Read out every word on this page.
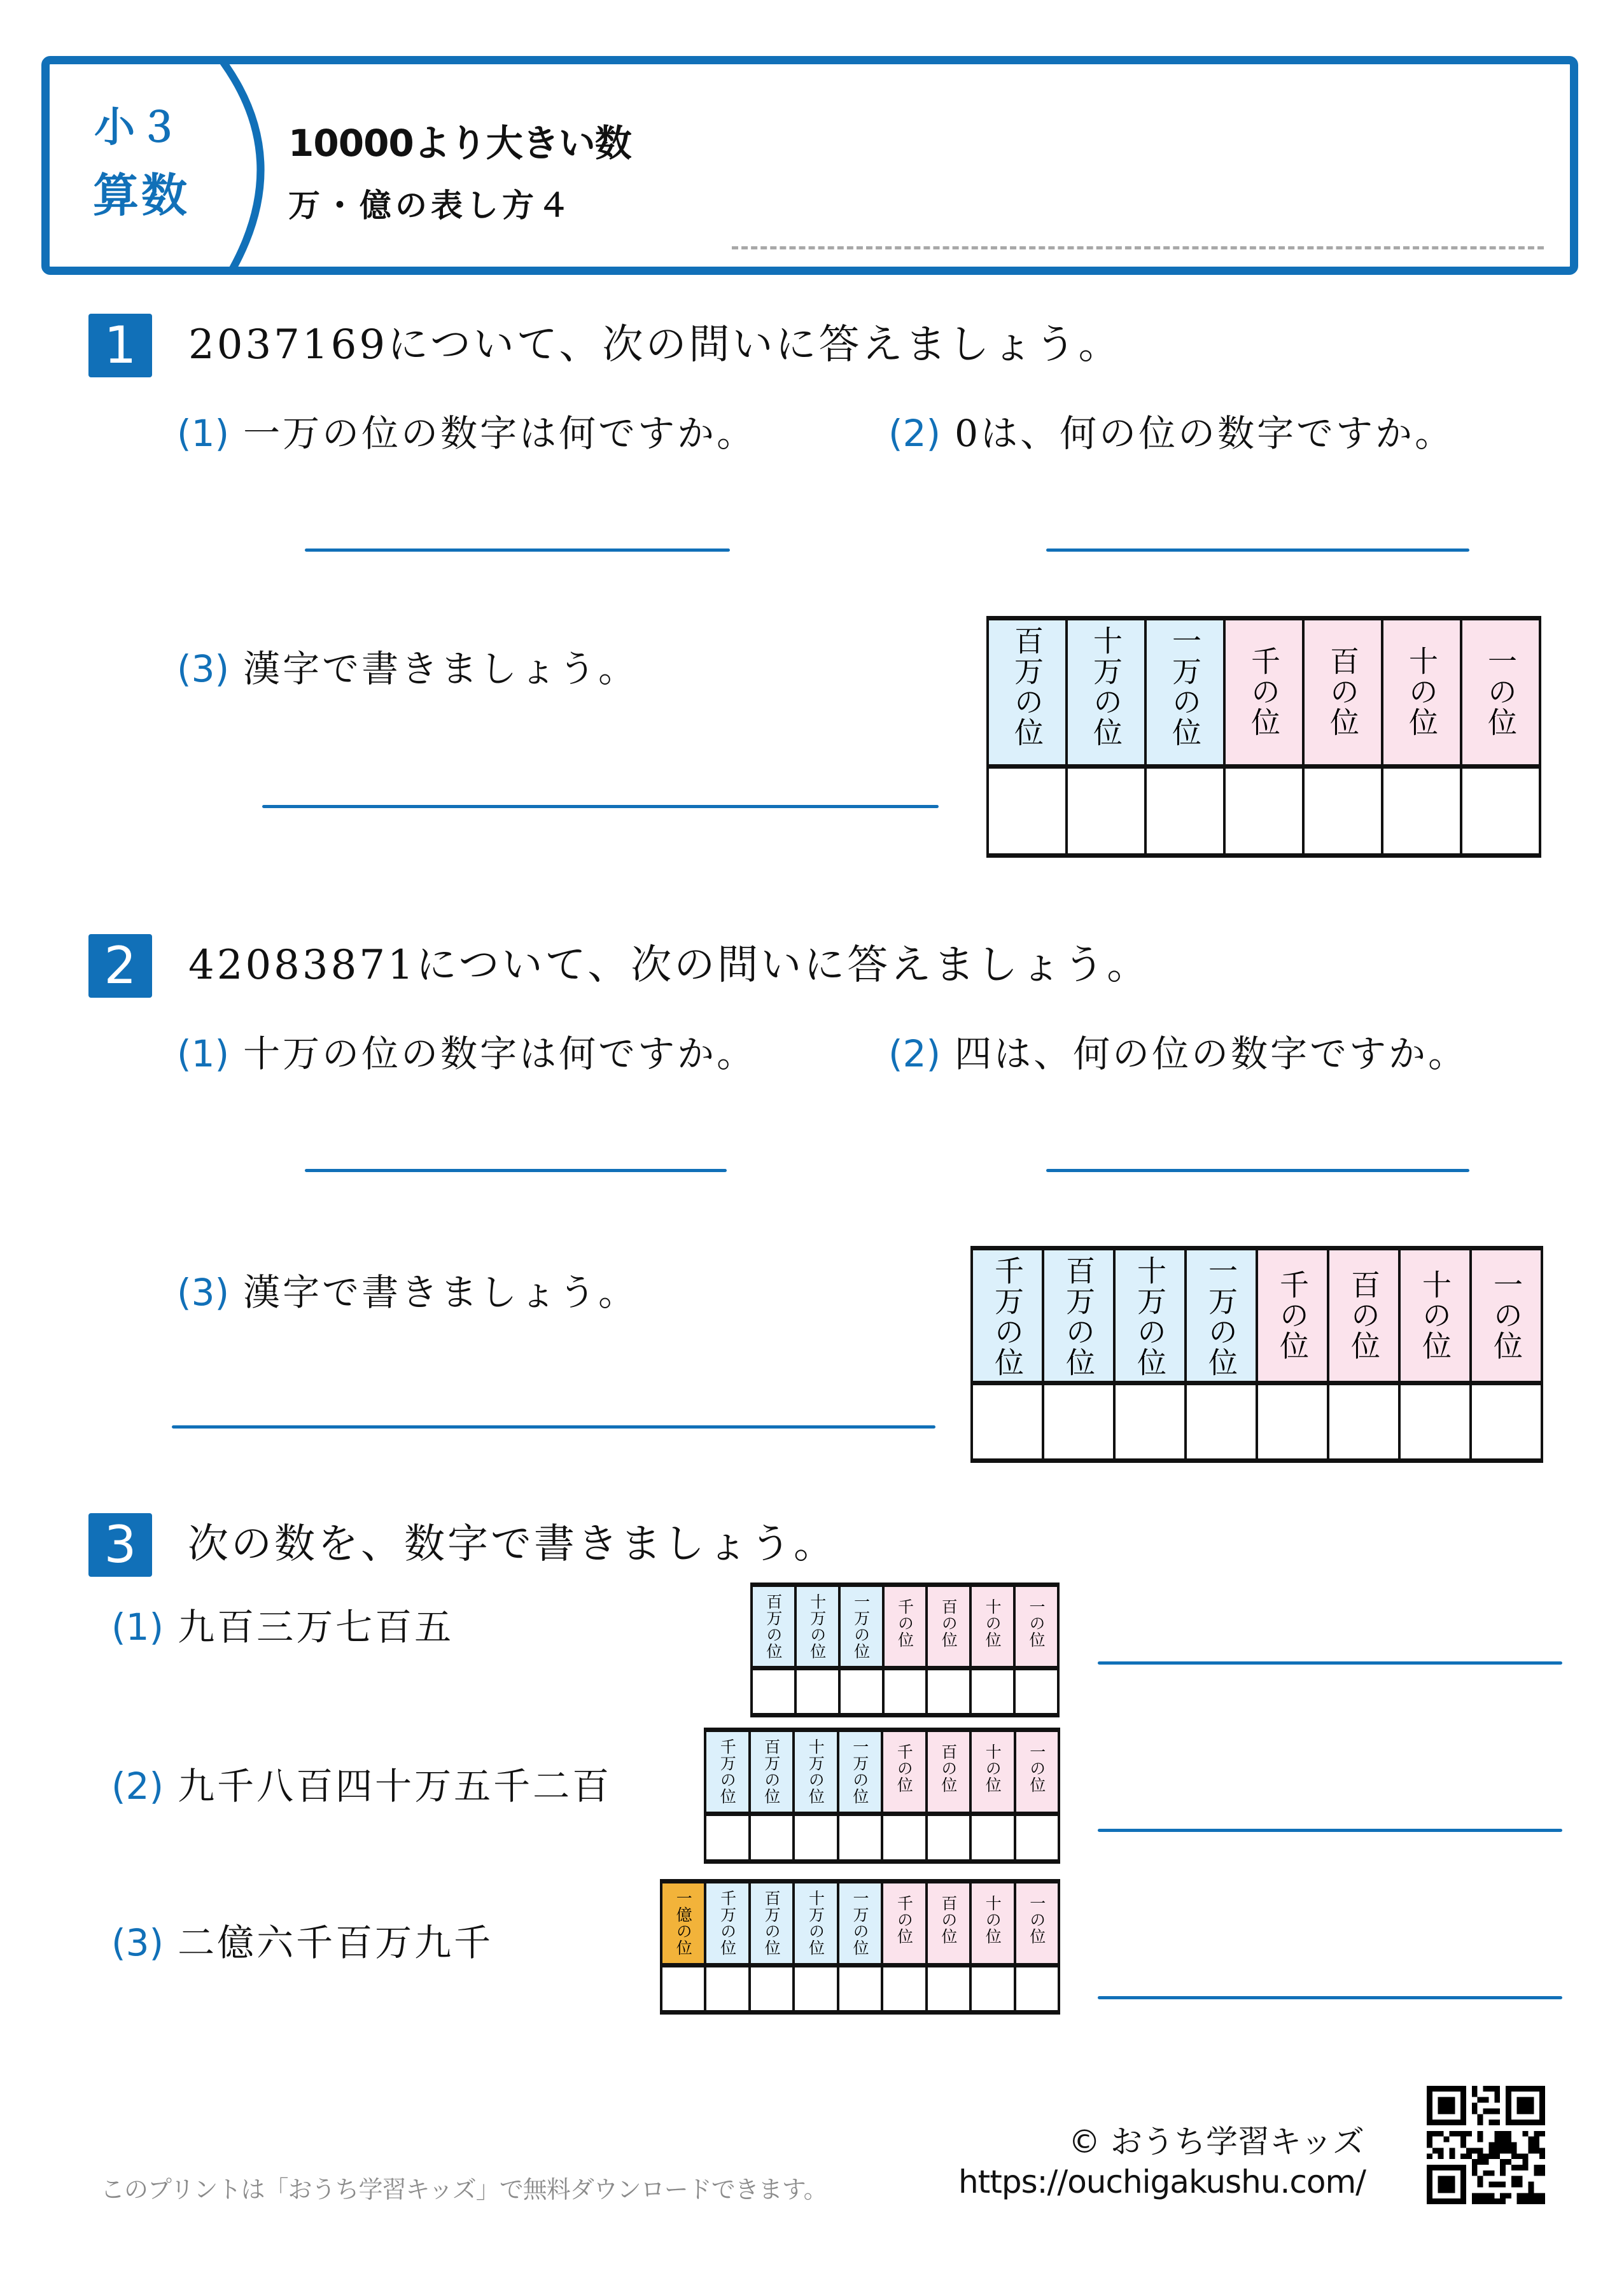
小３
算数
10000より大きい数
万・億の表し方４
1	2037169について、次の問いに答えましょう。
(1) 一万の位の数字は何ですか。	(2) 0は、何の位の数字ですか。
(3) 漢字で書きましょう。	百万の位	十万の位	一万の位	千の位	百の位	十の位	一の位

2	42083871について、次の問いに答えましょう。
(1) 十万の位の数字は何ですか。	(2) 四は、何の位の数字ですか。
(3) 漢字で書きましょう。	千万の位	百万の位	十万の位	一万の位	千の位	百の位	十の位	一の位

3	次の数を、数字で書きましょう。
(1) 九百三万七百五	百万の位	十万の位	一万の位	千の位	百の位	十の位	一の位

(2) 九千八百四十万五千二百	千万の位	百万の位	十万の位	一万の位	千の位	百の位	十の位	一の位

(3) 二億六千百万九千	一億の位	千万の位	百万の位	十万の位	一万の位	千の位	百の位	十の位	一の位

このプリントは「おうち学習キッズ」で無料ダウンロードできます。
© おうち学習キッズ
https://ouchigakushu.com/
